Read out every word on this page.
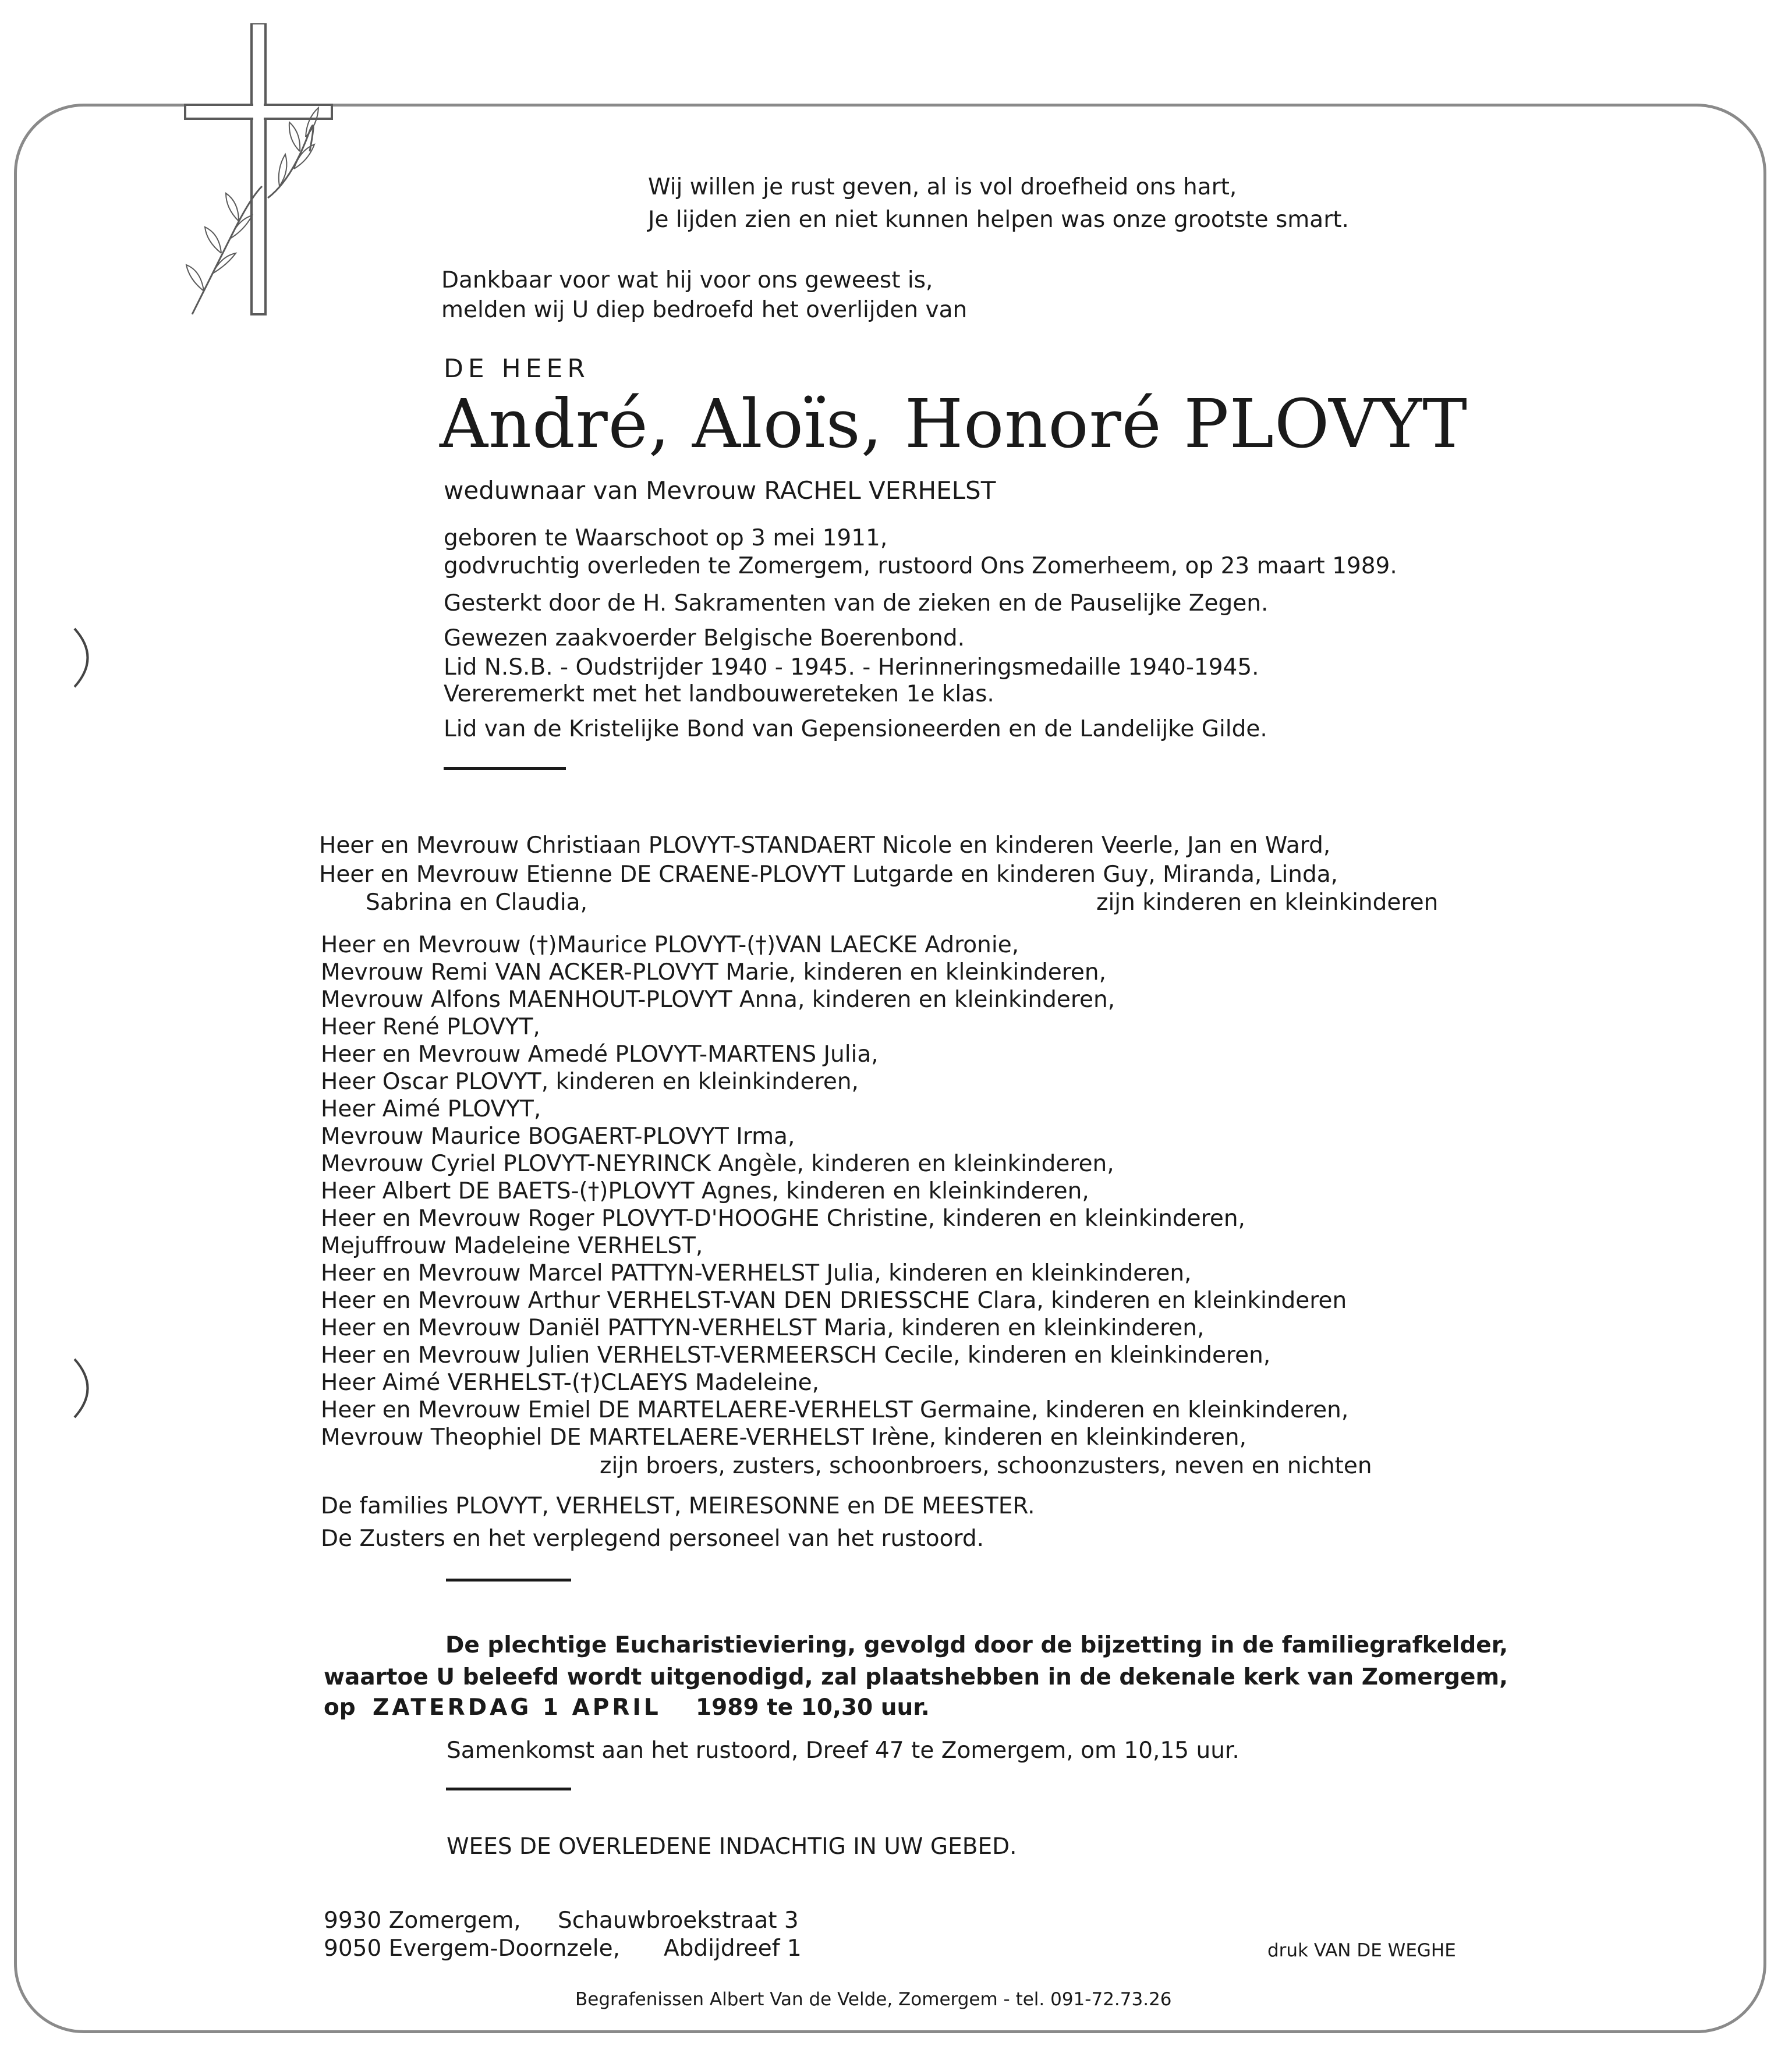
Wij willen je rust geven, al is vol droefheid ons hart,
Je lijden zien en niet kunnen helpen was onze grootste smart.
Dankbaar voor wat hij voor ons geweest is,
melden wij U diep bedroefd het overlijden van
DE HEER
André, Aloïs, Honoré PLOVYT
weduwnaar van Mevrouw RACHEL VERHELST
geboren te Waarschoot op 3 mei 1911,
godvruchtig overleden te Zomergem, rustoord Ons Zomerheem, op 23 maart 1989.
Gesterkt door de H. Sakramenten van de zieken en de Pauselijke Zegen.
Gewezen zaakvoerder Belgische Boerenbond.
Lid N.S.B. - Oudstrijder 1940 - 1945. - Herinneringsmedaille 1940-1945.
Vereremerkt met het landbouwereteken 1e klas.
Lid van de Kristelijke Bond van Gepensioneerden en de Landelijke Gilde.
Heer en Mevrouw Christiaan PLOVYT-STANDAERT Nicole en kinderen Veerle, Jan en Ward,
Heer en Mevrouw Etienne DE CRAENE-PLOVYT Lutgarde en kinderen Guy, Miranda, Linda,
Sabrina en Claudia,	zijn kinderen en kleinkinderen
Heer en Mevrouw (†)Maurice PLOVYT-(†)VAN LAECKE Adronie,
Mevrouw Remi VAN ACKER-PLOVYT Marie, kinderen en kleinkinderen,
Mevrouw Alfons MAENHOUT-PLOVYT Anna, kinderen en kleinkinderen,
Heer René PLOVYT,
Heer en Mevrouw Amedé PLOVYT-MARTENS Julia,
Heer Oscar PLOVYT, kinderen en kleinkinderen,
Heer Aimé PLOVYT,
Mevrouw Maurice BOGAERT-PLOVYT Irma,
Mevrouw Cyriel PLOVYT-NEYRINCK Angèle, kinderen en kleinkinderen,
Heer Albert DE BAETS-(†)PLOVYT Agnes, kinderen en kleinkinderen,
Heer en Mevrouw Roger PLOVYT-D'HOOGHE Christine, kinderen en kleinkinderen,
Mejuffrouw Madeleine VERHELST,
Heer en Mevrouw Marcel PATTYN-VERHELST Julia, kinderen en kleinkinderen,
Heer en Mevrouw Arthur VERHELST-VAN DEN DRIESSCHE Clara, kinderen en kleinkinderen
Heer en Mevrouw Daniël PATTYN-VERHELST Maria, kinderen en kleinkinderen,
Heer en Mevrouw Julien VERHELST-VERMEERSCH Cecile, kinderen en kleinkinderen,
Heer Aimé VERHELST-(†)CLAEYS Madeleine,
Heer en Mevrouw Emiel DE MARTELAERE-VERHELST Germaine, kinderen en kleinkinderen,
Mevrouw Theophiel DE MARTELAERE-VERHELST Irène, kinderen en kleinkinderen,
zijn broers, zusters, schoonbroers, schoonzusters, neven en nichten
De families PLOVYT, VERHELST, MEIRESONNE en DE MEESTER.
De Zusters en het verplegend personeel van het rustoord.
De plechtige Eucharistieviering, gevolgd door de bijzetting in de familiegrafkelder,
waartoe U beleefd wordt uitgenodigd, zal plaatshebben in de dekenale kerk van Zomergem,
op ZATERDAG 1 APRIL 1989 te 10,30 uur.
Samenkomst aan het rustoord, Dreef 47 te Zomergem, om 10,15 uur.
WEES DE OVERLEDENE INDACHTIG IN UW GEBED.
9930 Zomergem, Schauwbroekstraat 3
9050 Evergem-Doornzele, Abdijdreef 1	druk VAN DE WEGHE
Begrafenissen Albert Van de Velde, Zomergem - tel. 091-72.73.26
